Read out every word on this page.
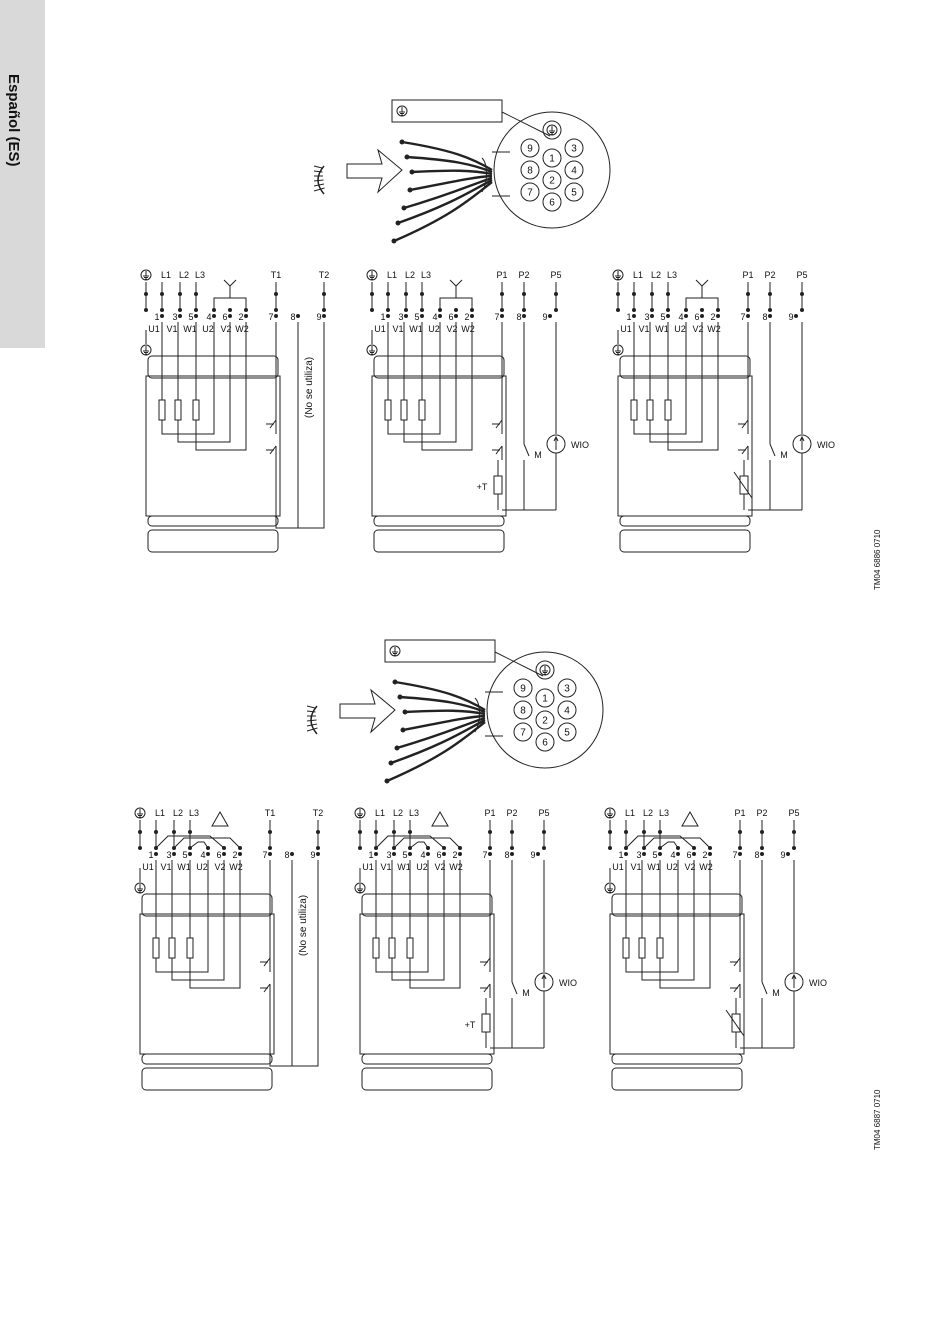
Español (ES)	1
2
3
4
5
6
7
8
9
1
2
3
4
5
6
7
8
9
L1 L2 L3	T1	T2
1 3 5 4 6 2	7 8 9
U1 V1 W1 U2 V2 W2
(No se utiliza)
L1 L2 L3	P1 P2 P5
1 3 5 4 6 2	7 8 9
U1 V1 W1 U2 V2 W2
M
WIO
+T
L1 L2 L3	P1 P2 P5
1 3 5 4 6 2	7 8 9
U1 V1 W1 U2 V2 W2
M
WIO
L1 L2 L3	T1	T2
1 3 5 4 6 2	7 8 9
U1 V1 W1 U2 V2 W2
(No se utiliza)
L1 L2 L3	P1 P2 P5
1 3 5 4 6 2	7 8 9
U1 V1 W1 U2 V2 W2
M
WIO
+T
L1 L2 L3	P1 P2 P5
1 3 5 4 6 2	7 8 9
U1 V1 W1 U2 V2 W2
M
WIO
TM04 6886 0710
TM04 6887 0710
